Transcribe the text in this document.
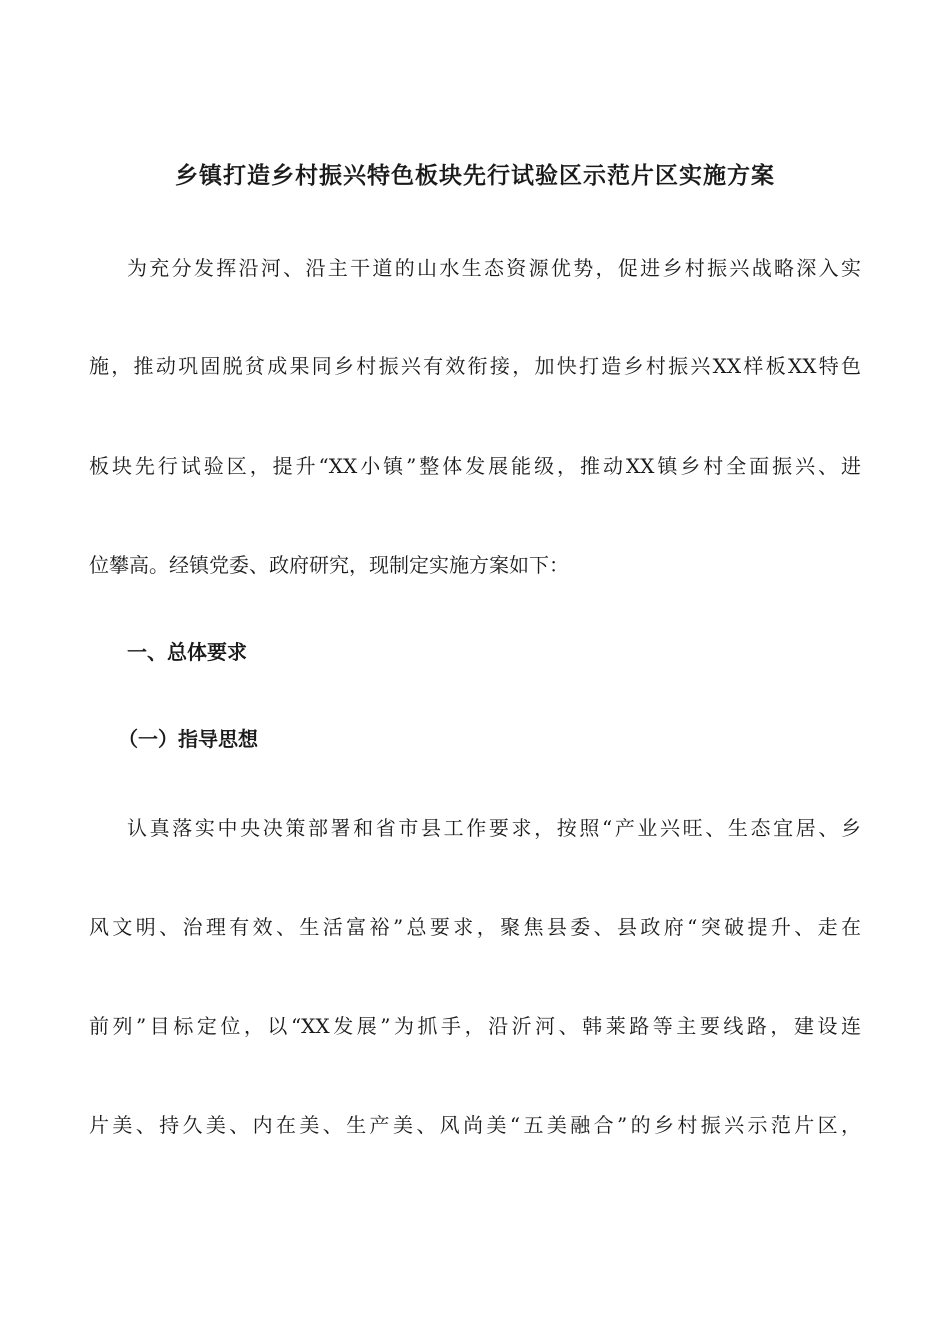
乡镇打造乡村振兴特色板块先行试验区示范片区实施方案

为充分发挥沿河、沿主干道的山水生态资源优势，促进乡村振兴战略深入实

施，推动巩固脱贫成果同乡村振兴有效衔接，加快打造乡村振兴XX样板XX特色

板块先行试验区，提升“XX小镇”整体发展能级，推动XX镇乡村全面振兴、进

位攀高。经镇党委、政府研究，现制定实施方案如下：

一、总体要求
（一）指导思想

认真落实中央决策部署和省市县工作要求，按照“产业兴旺、生态宜居、乡

风文明、治理有效、生活富裕”总要求，聚焦县委、县政府“突破提升、走在

前列”目标定位，以“XX发展”为抓手，沿沂河、韩莱路等主要线路，建设连

片美、持久美、内在美、生产美、风尚美“五美融合”的乡村振兴示范片区，
